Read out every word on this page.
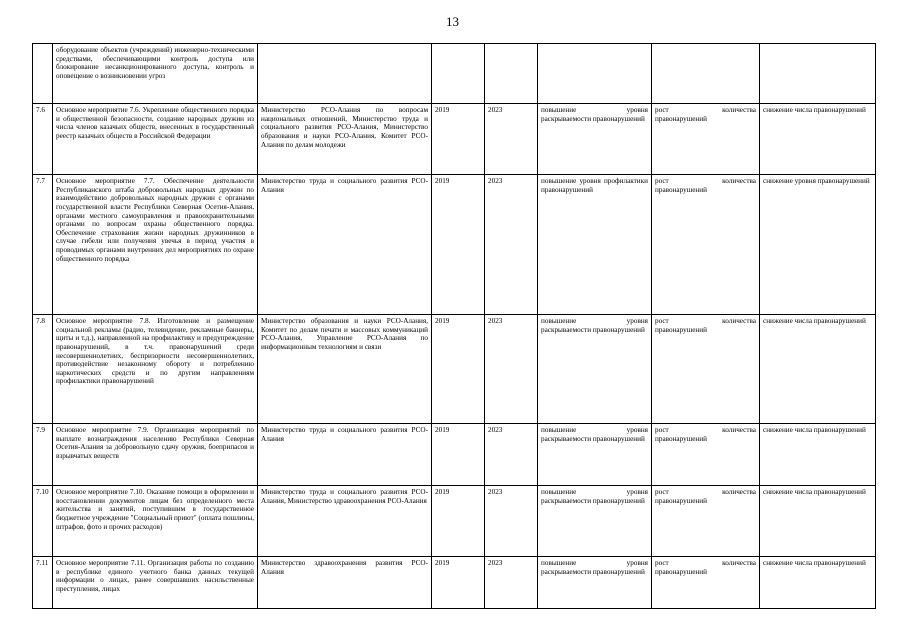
13
	оборудование объектов (учреждений) инженерно-техническими средствами, обеспечивающими контроль доступа или блокирование несанкционированного доступа, контроль и оповещение о возникновении угроз						
7.6	Основное мероприятие 7.6. Укрепление общественного порядка и общественной безопасности, создание народных дружин из числа членов казачьих обществ, внесенных в государственный реестр казачьих обществ в Российской Федерации	Министерство РСО-Алания по вопросам национальных отношений, Министерство труда и социального развития РСО-Алания, Министерство образования и науки РСО-Алания, Комитет РСО-Алания по делам молодежи	2019	2023	повышение уровня раскрываемости правонарушений	рост количества правонарушений	снижение числа правонарушений
7.7	Основное мероприятие 7.7. Обеспечение деятельности Республиканского штаба добровольных народных дружин по взаимодействию добровольных народных дружин с органами государственной власти Республики Северная Осетия-Алания, органами местного самоуправления и правоохранительными органами по вопросам охраны общественного порядка. Обеспечение страхования жизни народных дружинников в случае гибели или получения увечья в период участия в проводимых органами внутренних дел мероприятиях по охране общественного порядка	Министерство труда и социального развития РСО-Алания	2019	2023	повышение уровня профилактики правонарушений	рост количества правонарушений	снижение уровня правонарушений
7.8	Основное мероприятие 7.8. Изготовление и размещение социальной рекламы (радио, телевидение, рекламные баннеры, щиты и т.д.), направленной на профилактику и предупреждение правонарушений, в т.ч. правонарушений среди несовершеннолетних, беспризорности несовершеннолетних, противодействие незаконному обороту и потреблению наркотических средств и по другим направлениям профилактики правонарушений	Министерство образования и науки РСО-Алания, Комитет по делам печати и массовых коммуникаций РСО-Алания, Управление РСО-Алания по информационным технологиям и связи	2019	2023	повышение уровня раскрываемости правонарушений	рост количества правонарушений	снижение числа правонарушений
7.9	Основное мероприятие 7.9. Организация мероприятий по выплате вознаграждения населению Республики Северная Осетия-Алания за добровольную сдачу оружия, боеприпасов и взрывчатых веществ	Министерство труда и социального развития РСО-Алания	2019	2023	повышение уровня раскрываемости правонарушений	рост количества правонарушений	снижение числа правонарушений
7.10	Основное мероприятие 7.10. Оказание помощи в оформлении и восстановлении документов лицам без определенного места жительства и занятий, поступившим в государственное бюджетное учреждение "Социальный приют" (оплата пошлины, штрафов, фото и прочих расходов)	Министерство труда и социального развития РСО-Алания, Министерство здравоохранения РСО-Алания	2019	2023	повышение уровня раскрываемости правонарушений	рост количества правонарушений	снижение числа правонарушений
7.11	Основное мероприятие 7.11. Организация работы по созданию в республике единого учетного банка данных текущей информации о лицах, ранее совершавших насильственные преступления, лицах	Министерство здравоохранения развития РСО-Алания	2019	2023	повышение уровня раскрываемости правонарушений	рост количества правонарушений	снижение числа правонарушений
